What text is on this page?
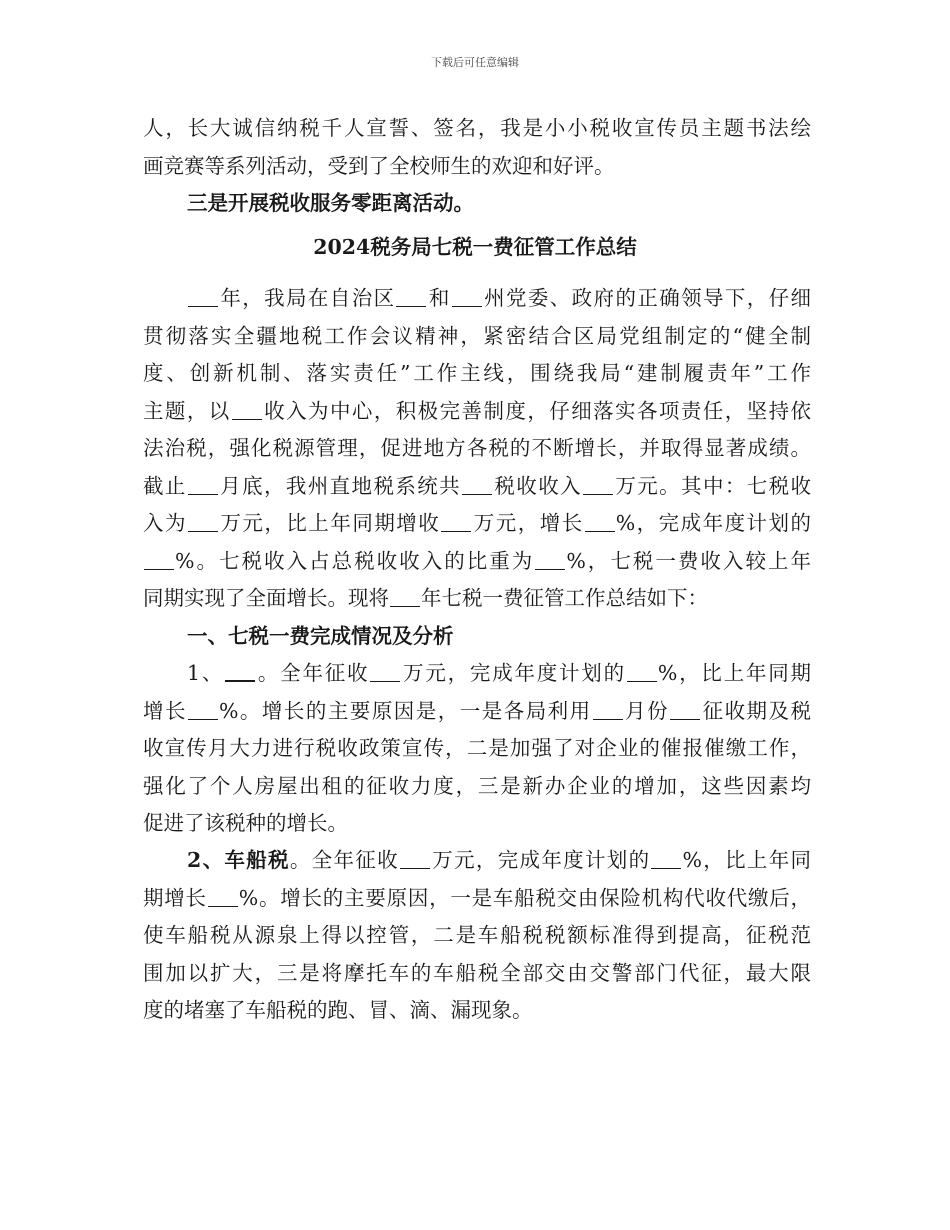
下载后可任意编辑
人，长大诚信纳税千人宣誓、签名，我是小小税收宣传员主题书法绘
画竞赛等系列活动，受到了全校师生的欢迎和好评。
三是开展税收服务零距离活动。
2024税务局七税一费征管工作总结
年，我局在自治区 和 州党委、政府的正确领导下，仔细
贯彻落实全疆地税工作会议精神，紧密结合区局党组制定的“健全制
度、创新机制、落实责任”工作主线，围绕我局“建制履责年”工作
主题，以 收入为中心，积极完善制度，仔细落实各项责任，坚持依
法治税，强化税源管理，促进地方各税的不断增长，并取得显著成绩。
截止 月底，我州直地税系统共 税收收入 万元。其中：七税收
入为 万元，比上年同期增收 万元，增长 %，完成年度计划的
%。七税收入占总税收收入的比重为 %，七税一费收入较上年
同期实现了全面增长。现将 年七税一费征管工作总结如下：
一、七税一费完成情况及分析
1、 。全年征收 万元，完成年度计划的 %，比上年同期
增长 %。增长的主要原因是，一是各局利用 月份 征收期及税
收宣传月大力进行税收政策宣传，二是加强了对企业的催报催缴工作，
强化了个人房屋出租的征收力度，三是新办企业的增加，这些因素均
促进了该税种的增长。
2、车船税。全年征收 万元，完成年度计划的 %，比上年同
期增长 %。增长的主要原因，一是车船税交由保险机构代收代缴后，
使车船税从源泉上得以控管，二是车船税税额标准得到提高，征税范
围加以扩大，三是将摩托车的车船税全部交由交警部门代征，最大限
度的堵塞了车船税的跑、冒、滴、漏现象。
